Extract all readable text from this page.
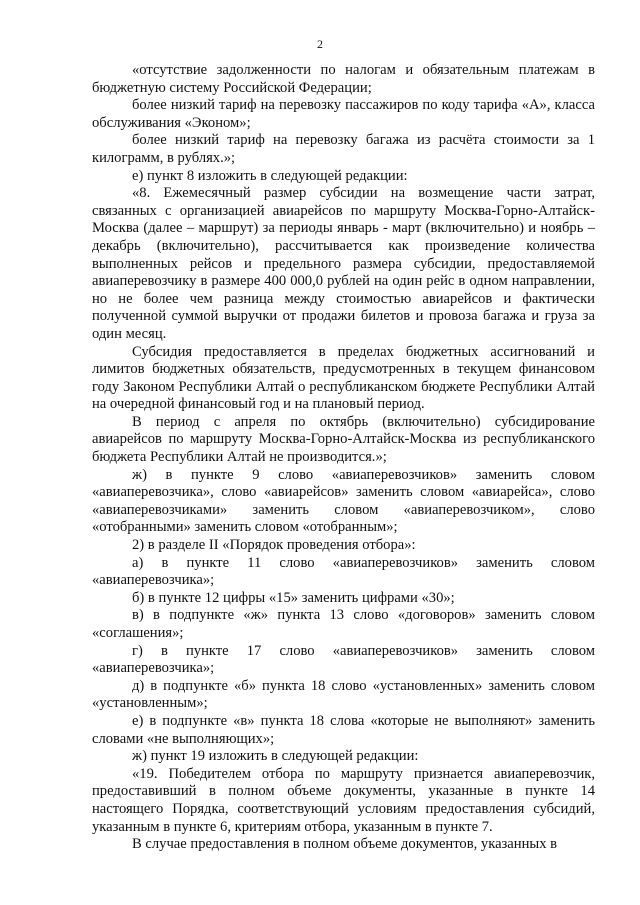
2

«отсутствие задолженности по налогам и обязательным платежам в бюджетную систему Российской Федерации;

более низкий тариф на перевозку пассажиров по коду тарифа «А», класса обслуживания «Эконом»;

более низкий тариф на перевозку багажа из расчёта стоимости за 1 килограмм, в рублях.»;

е) пункт 8 изложить в следующей редакции:

«8. Ежемесячный размер субсидии на возмещение части затрат, связанных с организацией авиарейсов по маршруту Москва-Горно-Алтайск-Москва (далее – маршрут) за периоды январь - март (включительно) и ноябрь – декабрь (включительно), рассчитывается как произведение количества выполненных рейсов и предельного размера субсидии, предоставляемой авиаперевозчику в размере 400 000,0 рублей на один рейс в одном направлении, но не более чем разница между стоимостью авиарейсов и фактически полученной суммой выручки от продажи билетов и провоза багажа и груза за один месяц.

Субсидия предоставляется в пределах бюджетных ассигнований и лимитов бюджетных обязательств, предусмотренных в текущем финансовом году Законом Республики Алтай о республиканском бюджете Республики Алтай на очередной финансовый год и на плановый период.

В период с апреля по октябрь (включительно) субсидирование авиарейсов по маршруту Москва-Горно-Алтайск-Москва из республиканского бюджета Республики Алтай не производится.»;

ж) в пункте 9 слово «авиаперевозчиков» заменить словом «авиаперевозчика», слово «авиарейсов» заменить словом «авиарейса», слово «авиаперевозчиками» заменить словом «авиаперевозчиком», слово «отобранными» заменить словом «отобранным»;

2) в разделе II «Порядок проведения отбора»:

а) в пункте 11 слово «авиаперевозчиков» заменить словом «авиаперевозчика»;

б) в пункте 12 цифры «15» заменить цифрами «30»;

в) в подпункте «ж» пункта 13 слово «договоров» заменить словом «соглашения»;

г) в пункте 17 слово «авиаперевозчиков» заменить словом «авиаперевозчика»;

д) в подпункте «б» пункта 18 слово «установленных» заменить словом «установленным»;

е) в подпункте «в» пункта 18 слова «которые не выполняют» заменить словами «не выполняющих»;

ж) пункт 19 изложить в следующей редакции:

«19. Победителем отбора по маршруту признается авиаперевозчик, предоставивший в полном объеме документы, указанные в пункте 14 настоящего Порядка, соответствующий условиям предоставления субсидий, указанным в пункте 6, критериям отбора, указанным в пункте 7.

В случае предоставления в полном объеме документов, указанных в
